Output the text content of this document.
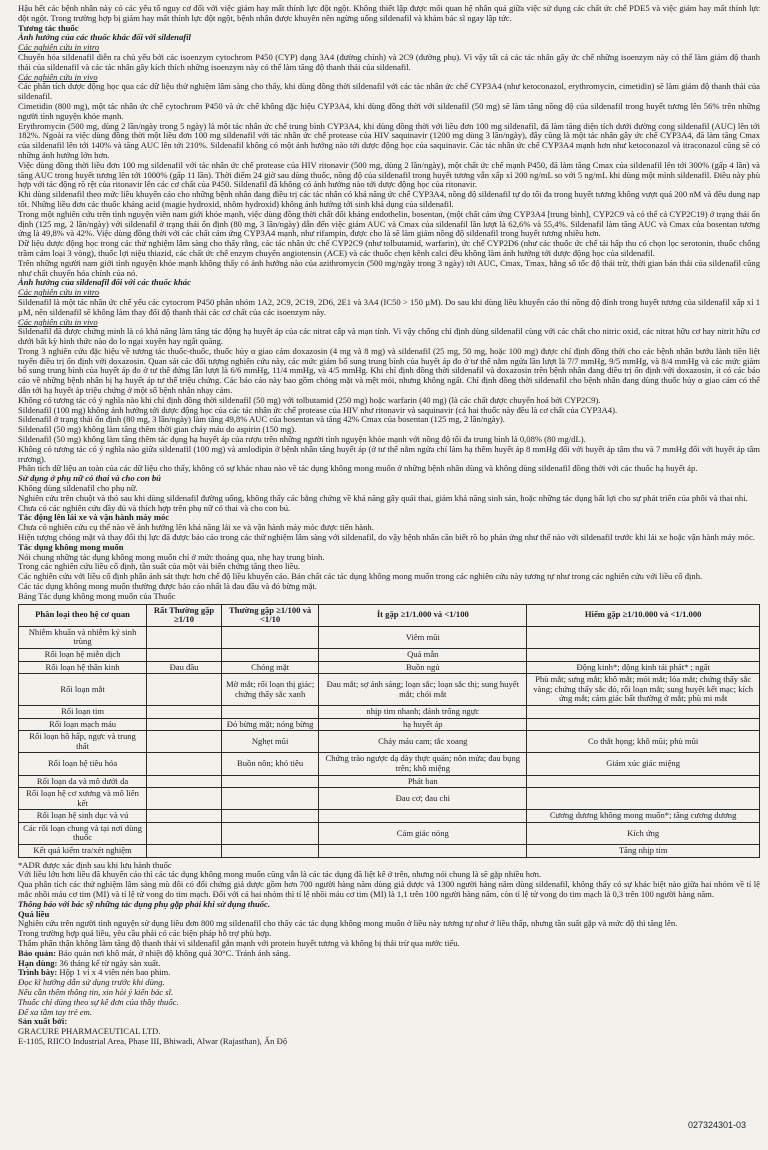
Hậu hết các bệnh nhân này có các yếu tố nguy cơ đối với việc giảm hay mất thính lực đột ngột. Không thiết lập được mối quan hệ nhân quả giữa việc sử dụng các chất ức chế PDE5 và việc giảm hay mất thính lực đột ngột. Trong trường hợp bị giảm hay mất thính lực đột ngột, bệnh nhân được khuyên nên ngừng uống sildenafil và khám bác sĩ ngay lập tức.

Tương tác thuốc

Ảnh hưởng của các thuốc khác đối với sildenafil

Các nghiên cứu in vitro

Chuyển hóa sildenafil diễn ra chủ yếu bởi các isoenzym cytochrom P450 (CYP) dạng 3A4 (đường chính) và 2C9 (đường phụ). Vì vậy tất cả các tác nhân gây ức chế những isoenzym này có thể làm giảm độ thanh thải của sildenafil và các tác nhân gây kích thích những isoenzym này có thể làm tăng độ thanh thải của sildenafil.

Các nghiên cứu in vivo

Các phân tích dược động học qua các dữ liệu thử nghiệm lâm sàng cho thấy, khi dùng đồng thời sildenafil với các tác nhân ức chế CYP3A4 (như ketoconazol, erythromycin, cimetidin) sẽ làm giảm độ thanh thải của sildenafil.

Cimetidin (800 mg), một tác nhân ức chế cytochrom P450 và ức chế không đặc hiệu CYP3A4, khi dùng đồng thời với sildenafil (50 mg) sẽ làm tăng nồng độ của sildenafil trong huyết tương lên 56% trên những người tình nguyện khỏe mạnh.

Erythromycin (500 mg, dùng 2 lần/ngày trong 5 ngày) là một tác nhân ức chế trung bình CYP3A4, khi dùng đồng thời với liều đơn 100 mg sildenafil, đã làm tăng diện tích dưới đường cong sildenafil (AUC) lên tới 182%. Ngoài ra việc dùng đồng thời một liều đơn 100 mg sildenafil với tác nhân ức chế protease của HIV saquinavir (1200 mg dùng 3 lần/ngày), đây cũng là một tác nhân gây ức chế CYP3A4, đã làm tăng Cmax của sildenafil lên tới 140% và tăng AUC lên tới 210%. Sildenafil không có một ảnh hưởng nào tới dược động học của saquinavir. Các tác nhân ức chế CYP3A4 mạnh hơn như ketoconazol và itraconazol cũng sẽ có những ảnh hưởng lớn hơn.

Việc dùng đồng thời liều đơn 100 mg sildenafil với tác nhân ức chế protease của HIV ritonavir (500 mg, dùng 2 lần/ngày), một chất ức chế mạnh P450, đã làm tăng Cmax của sildenafil lên tới 300% (gấp 4 lần) và tăng AUC trong huyết tương lên tới 1000% (gấp 11 lần). Thời điểm 24 giờ sau dùng thuốc, nồng độ của sildenafil trong huyết tương vẫn xấp xỉ 200 ng/mL so với 5 ng/mL khi dùng một mình sildenafil. Điều này phù hợp với tác động rõ rệt của ritonavir lên các cơ chất của P450. Sildenafil đã không có ảnh hưởng nào tới dược động học của ritonavir.

Khi dùng sildenafil theo mức liều khuyến cáo cho những bệnh nhân đang điều trị các tác nhân có khả năng ức chế CYP3A4, nồng độ sildenafil tự do tối đa trong huyết tương không vượt quá 200 nM và đều dung nạp tốt. Những liều đơn các thuốc kháng acid (magie hydroxid, nhôm hydroxid) không ảnh hưởng tới sinh khả dụng của sildenafil.

Trong một nghiên cứu trên tình nguyện viên nam giới khỏe mạnh, việc dùng đồng thời chất đối kháng endothelin, bosentan, (một chất cảm ứng CYP3A4 [trung bình], CYP2C9 và có thể cả CYP2C19) ở trạng thái ổn định (125 mg, 2 lần/ngày) với sildenafil ở trạng thái ổn định (80 mg, 3 lần/ngày) dẫn đến việc giảm AUC và Cmax của sildenafil lần lượt là 62,6% và 55,4%. Sildenafil làm tăng AUC và Cmax của bosentan tương ứng là 49,8% và 42%. Việc dùng đồng thời với các chất cảm ứng CYP3A4 mạnh, như rifampin, được cho là sẽ làm giảm nồng độ sildenafil trong huyết tương nhiều hơn.

Dữ liệu dược động học trong các thử nghiệm lâm sàng cho thấy rằng, các tác nhân ức chế CYP2C9 (như tolbutamid, warfarin), ức chế CYP2D6 (như các thuốc ức chế tái hấp thu có chọn lọc serotonin, thuốc chống trầm cảm loại 3 vòng), thuốc lợi niệu thiazid, các chất ức chế enzym chuyển angiotensin (ACE) và các thuốc chẹn kênh calci đều không làm ảnh hưởng tới dược động học của sildenafil.

Trên những người nam giới tình nguyện khỏe mạnh không thấy có ảnh hưởng nào của azithromycin (500 mg/ngày trong 3 ngày) tới AUC, Cmax, Tmax, hằng số tốc độ thải trừ, thời gian bán thải của sildenafil cũng như chất chuyển hóa chính của nó.

Ảnh hưởng của sildenafil đối với các thuốc khác

Các nghiên cứu in vitro

Sildenafil là một tác nhân ức chế yếu các cytocrom P450 phân nhóm 1A2, 2C9, 2C19, 2D6, 2E1 và 3A4 (IC50 > 150 µM). Do sau khi dùng liều khuyến cáo thì nồng độ đỉnh trong huyết tương của sildenafil xấp xỉ 1 µM, nên sildenafil sẽ không làm thay đổi độ thanh thải các cơ chất của các isoenzym này.

Các nghiên cứu in vivo

Sildenafil đã được chứng minh là có khả năng làm tăng tác động hạ huyết áp của các nitrat cấp và mạn tính. Vì vậy chống chỉ định dùng sildenafil cùng với các chất cho nitric oxid, các nitrat hữu cơ hay nitrit hữu cơ dưới bất kỳ hình thức nào do lo ngại xuyên hay ngất quãng.

Trong 3 nghiên cứu đặc hiệu về tương tác thuốc-thuốc, thuốc hủy α giao cảm doxazosin (4 mg và 8 mg) và sildenafil (25 mg, 50 mg, hoặc 100 mg) được chỉ định đồng thời cho các bệnh nhân bướu lành tiền liệt tuyến điều trị ổn định với doxazosin. Quan sát các đối tượng nghiên cứu này, các mức giảm bổ sung trung bình của huyết áp đo ở tư thế nằm ngửa lần lượt là 7/7 mmHg, 9/5 mmHg, và 8/4 mmHg và các mức giảm bổ sung trung bình của huyết áp đo ở tư thế đứng lần lượt là 6/6 mmHg, 11/4 mmHg, và 4/5 mmHg. Khi chỉ định đồng thời sildenafil và doxazosin trên bệnh nhân đang điều trị ổn định với doxazosin, ít có các báo cáo về những bệnh nhân bị hạ huyết áp tư thế triệu chứng. Các báo cáo này bao gồm chóng mặt và mệt mỏi, nhưng không ngất. Chỉ định đồng thời sildenafil cho bệnh nhân đang dùng thuốc hủy α giao cảm có thể dẫn tới hạ huyết áp triệu chứng ở một số bệnh nhân nhạy cảm.

Không có tương tác có ý nghĩa nào khi chỉ định đồng thời sildenafil (50 mg) với tolbutamid (250 mg) hoặc warfarin (40 mg) (là các chất được chuyển hoá bởi CYP2C9).

Sildenafil (100 mg) không ảnh hưởng tới dược động học của các tác nhân ức chế protease của HIV như ritonavir và saquinavir (cả hai thuốc này đều là cơ chất của CYP3A4).

Sildenafil ở trạng thái ổn định (80 mg, 3 lần/ngày) làm tăng 49,8% AUC của bosentan và tăng 42% Cmax của bosentan (125 mg, 2 lần/ngày).

Sildenafil (50 mg) không làm tăng thêm thời gian chảy máu do aspirin (150 mg).

Sildenafil (50 mg) không làm tăng thêm tác dụng hạ huyết áp của rượu trên những người tình nguyện khỏe mạnh với nồng độ tối đa trung bình là 0,08% (80 mg/dL).

Không có tương tác có ý nghĩa nào giữa sildenafil (100 mg) và amlodipin ở bệnh nhân tăng huyết áp (ở tư thế nằm ngửa chỉ làm hạ thêm huyết áp 8 mmHg đối với huyết áp tâm thu và 7 mmHg đối với huyết áp tâm trương).

Phân tích dữ liệu an toàn của các dữ liệu cho thấy, không có sự khác nhau nào về tác dụng không mong muốn ở những bệnh nhân dùng và không dùng sildenafil đồng thời với các thuốc hạ huyết áp.

Sử dụng ở phụ nữ có thai và cho con bú

Không dùng sildenafil cho phụ nữ.

Nghiên cứu trên chuột và thỏ sau khi dùng sildenafil đường uống, không thấy các bằng chứng về khả năng gây quái thai, giảm khả năng sinh sản, hoặc những tác dụng bất lợi cho sự phát triển của phôi và thai nhi.

Chưa có các nghiên cứu đầy đủ và thích hợp trên phụ nữ có thai và cho con bú.

Tác động lên lái xe và vận hành máy móc

Chưa có nghiên cứu cụ thể nào về ảnh hưởng lên khả năng lái xe và vận hành máy móc được tiến hành.

Hiện tượng chóng mặt và thay đổi thị lực đã được báo cáo trong các thử nghiệm lâm sàng với sildenafil, do vậy bệnh nhân cần biết rõ họ phản ứng như thế nào với sildenafil trước khi lái xe hoặc vận hành máy móc.

Tác dụng không mong muốn

Nói chung những tác dụng không mong muốn chỉ ở mức thoáng qua, nhẹ hay trung bình.

Trong các nghiên cứu liều cố định, tần suất của một vài biến chứng tăng theo liều.

Các nghiên cứu với liều cố định phân ảnh sát thực hơn chế độ liều khuyến cáo. Bản chất các tác dụng không mong muốn trong các nghiên cứu này tương tự như trong các nghiên cứu với liều cố định.

Các tác dụng không mong muốn thường được báo cáo nhất là đau đầu và đỏ bừng mặt.

Bảng Tác dụng không mong muốn của Thuốc

Phân loại theo hệ cơ quan	Rất Thường gặp ≥1/10	Thường gặp ≥1/100 và <1/10	Ít gặp ≥1/1.000 và <1/100	Hiếm gặp ≥1/10.000 và <1/1.000
Nhiễm khuẩn và nhiễm ký sinh trùng			Viêm mũi	
Rối loạn hệ miễn dịch			Quá mẫn	
Rối loạn hệ thần kinh	Đau đầu	Chóng mặt	Buồn ngủ	Động kinh*; động kinh tái phát* ; ngất
Rối loạn mắt		Mờ mắt; rối loạn thị giác; chứng thấy sắc xanh	Đau mắt; sợ ánh sáng; loạn sắc; loạn sắc thị; sung huyết mắt; chói mắt	Phù mắt; sưng mắt; khô mắt; mỏi mắt; lóa mắt; chứng thấy sắc vàng; chứng thấy sắc đỏ, rối loạn mắt; sung huyết kết mạc; kích ứng mắt; cảm giác bất thường ở mắt; phù mi mắt
Rối loạn tim			nhịp tim nhanh; đánh trống ngực	
Rối loạn mạch máu		Đỏ bừng mặt; nóng bừng	hạ huyết áp	
Rối loạn hô hấp, ngực và trung thất		Nghẹt mũi	Chảy máu cam; tắc xoang	Co thắt họng; khô mũi; phù mũi
Rối loạn hệ tiêu hóa		Buồn nôn; khó tiêu	Chứng trào ngược dạ dày thực quản; nôn mửa; đau bụng trên; khô miệng	Giảm xúc giác miệng
Rối loạn da và mô dưới da			Phát ban	
Rối loạn hệ cơ xương và mô liên kết			Đau cơ; đau chi	
Rối loạn hệ sinh dục và vú				Cương dương không mong muốn*; tăng cương dương
Các rối loạn chung và tại nơi dùng thuốc			Cảm giác nóng	Kích ứng
Kết quả kiểm tra/xét nghiệm				Tăng nhịp tim

*ADR được xác định sau khi lưu hành thuốc

Với liều lớn hơn liều đã khuyến cáo thì các tác dụng không mong muốn cũng vẫn là các tác dụng đã liệt kê ở trên, nhưng nói chung là sẽ gặp nhiều hơn.

Qua phân tích các thử nghiệm lâm sàng mù đôi có đối chứng giả dược gồm hơn 700 người hàng năm dùng giả dược và 1300 người hàng năm dùng sildenafil, không thấy có sự khác biệt nào giữa hai nhóm về tỉ lệ mắc nhồi máu cơ tim (MI) và tỉ lệ tử vong do tim mạch. Đối với cả hai nhóm thì tỉ lệ nhồi máu cơ tim (MI) là 1,1 trên 100 người hàng năm, còn tỉ lệ tử vong do tim mạch là 0,3 trên 100 người hàng năm.

Thông báo với bác sỹ những tác dụng phụ gặp phải khi sử dụng thuốc.

Quá liều

Nghiên cứu trên người tình nguyện sử dụng liều đơn 800 mg sildenafil cho thấy các tác dụng không mong muốn ở liều này tương tự như ở liều thấp, nhưng tần suất gặp và mức độ thì tăng lên.

Trong trường hợp quá liều, yêu cầu phải có các biện pháp hỗ trợ phù hợp.

Thẩm phân thận không làm tăng độ thanh thải vì sildenafil gắn mạnh với protein huyết tương và không bị thải trừ qua nước tiểu.

Bảo quản: Bảo quản nơi khô mát, ở nhiệt độ không quá 30°C. Tránh ánh sáng.

Hạn dùng: 36 tháng kể từ ngày sản xuất.

Trình bày: Hộp 1 vỉ x 4 viên nén bao phim.

Đọc kĩ hướng dẫn sử dụng trước khi dùng.

Nếu cần thêm thông tin, xin hỏi ý kiến bác sĩ.

Thuốc chỉ dùng theo sự kê đơn của thầy thuốc.

Để xa tầm tay trẻ em.

Sản xuất bởi:

GRACURE PHARMACEUTICAL LTD.

E-1105, RIICO Industrial Area, Phase III, Bhiwadi, Alwar (Rajasthan), Ấn Độ

027324301-03
